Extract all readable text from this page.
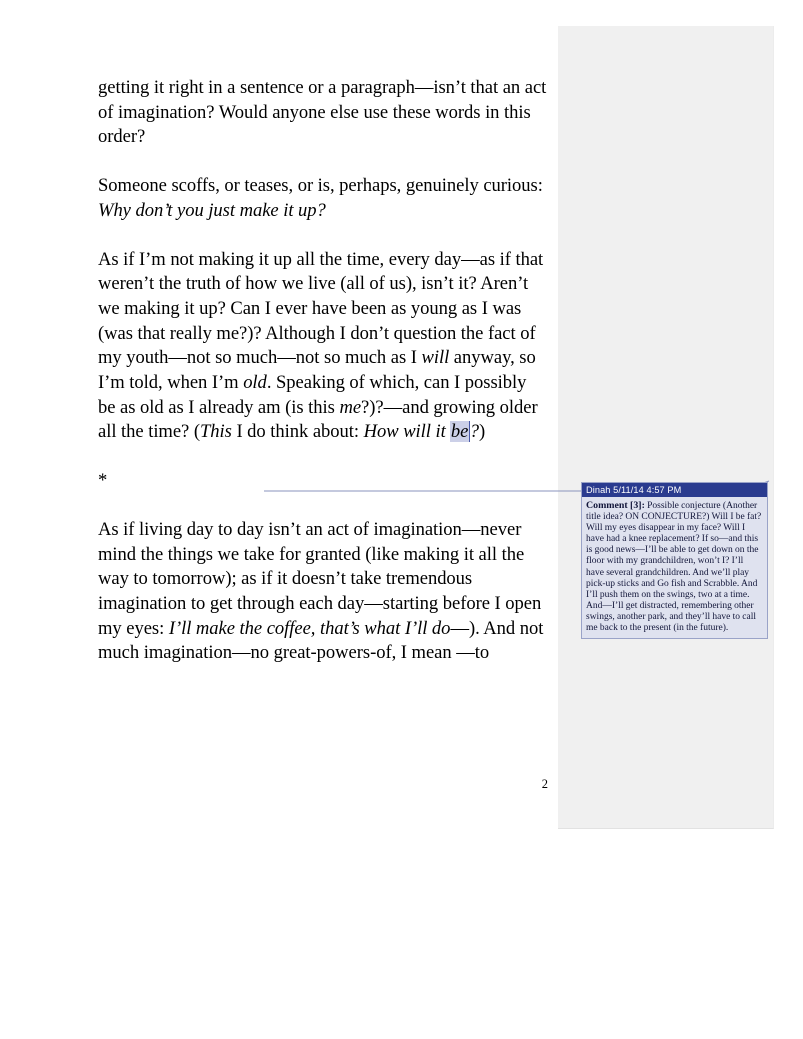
getting it right in a sentence or a paragraph—isn’t that an act of imagination? Would anyone else use these words in this order?

Someone scoffs, or teases, or is, perhaps, genuinely curious: Why don’t you just make it up?

As if I’m not making it up all the time, every day—as if that weren’t the truth of how we live (all of us), isn’t it? Aren’t we making it up? Can I ever have been as young as I was (was that really me?)? Although I don’t question the fact of my youth—not so much—not so much as I will anyway, so I’m told, when I’m old. Speaking of which, can I possibly be as old as I already am (is this me?)?—and growing older all the time? (This I do think about: How will it be?)

*

As if living day to day isn’t an act of imagination—never mind the things we take for granted (like making it all the way to tomorrow); as if it doesn’t take tremendous imagination to get through each day—starting before I open my eyes: I’ll make the coffee, that’s what I’ll do—). And not much imagination—no great-powers-of, I mean —to

2
Dinah 5/11/14 4:57 PM
Comment [3]: Possible conjecture (Another title idea? ON CONJECTURE?) Will I be fat? Will my eyes disappear in my face? Will I have had a knee replacement? If so—and this is good news—I’ll be able to get down on the floor with my grandchildren, won’t I? I’ll have several grandchildren. And we’ll play pick-up sticks and Go fish and Scrabble. And I’ll push them on the swings, two at a time. And—I’ll get distracted, remembering other swings, another park, and they’ll have to call me back to the present (in the future).
